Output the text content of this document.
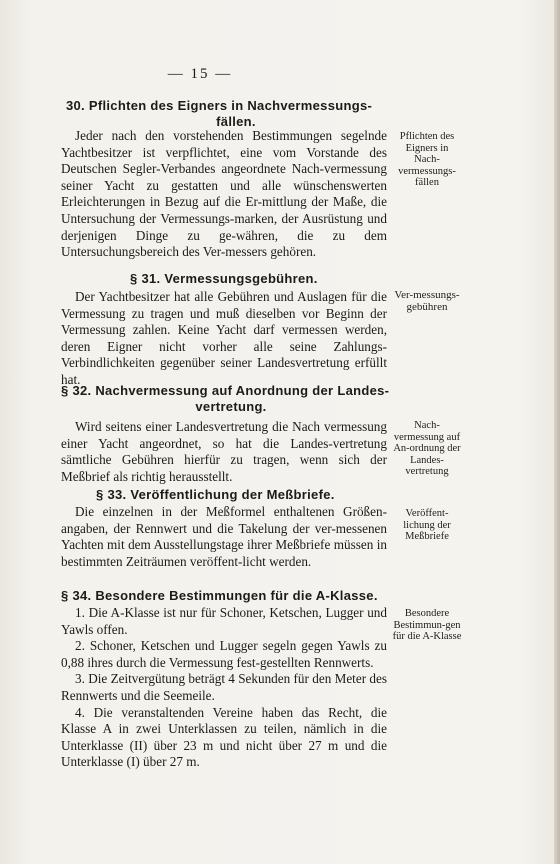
— 15 —
30. Pflichten des Eigners in Nachvermessungs-
fällen.

Jeder nach den vorstehenden Bestimmungen segelnde Yachtbesitzer ist verpflichtet, eine vom Vorstande des Deutschen Segler-Verbandes angeordnete Nach-vermessung seiner Yacht zu gestatten und alle wünschenswerten Erleichterungen in Bezug auf die Er-mittlung der Maße, die Untersuchung der Vermessungs-marken, der Ausrüstung und derjenigen Dinge zu ge-währen, die zu dem Untersuchungsbereich des Ver-messers gehören.

Pflichten des Eigners in Nach-vermessungs-fällen
§ 31. Vermessungsgebühren.

Der Yachtbesitzer hat alle Gebühren und Auslagen für die Vermessung zu tragen und muß dieselben vor Beginn der Vermessung zahlen. Keine Yacht darf vermessen werden, deren Eigner nicht vorher alle seine Zahlungs-Verbindlichkeiten gegenüber seiner Landesvertretung erfüllt hat.

Ver-messungs-gebühren
§ 32. Nachvermessung auf Anordnung der Landes-
vertretung.

Wird seitens einer Landesvertretung die Nach vermessung einer Yacht angeordnet, so hat die Landes-vertretung sämtliche Gebühren hierfür zu tragen, wenn sich der Meßbrief als richtig herausstellt.

Nach-vermessung auf An-ordnung der Landes-vertretung
§ 33. Veröffentlichung der Meßbriefe.

Die einzelnen in der Meßformel enthaltenen Größen-angaben, der Rennwert und die Takelung der ver-messenen Yachten mit dem Ausstellungstage ihrer Meßbriefe müssen in bestimmten Zeiträumen veröffent-licht werden.

Veröffent-lichung der Meßbriefe
§ 34. Besondere Bestimmungen für die A-Klasse.

1. Die A-Klasse ist nur für Schoner, Ketschen, Lugger und Yawls offen.

2. Schoner, Ketschen und Lugger segeln gegen Yawls zu 0,88 ihres durch die Vermessung fest-gestellten Rennwerts.

3. Die Zeitvergütung beträgt 4 Sekunden für den Meter des Rennwerts und die Seemeile.

4. Die veranstaltenden Vereine haben das Recht, die Klasse A in zwei Unterklassen zu teilen, nämlich in die Unterklasse (II) über 23 m und nicht über 27 m und die Unterklasse (I) über 27 m.

Besondere Bestimmun-gen für die A-Klasse
